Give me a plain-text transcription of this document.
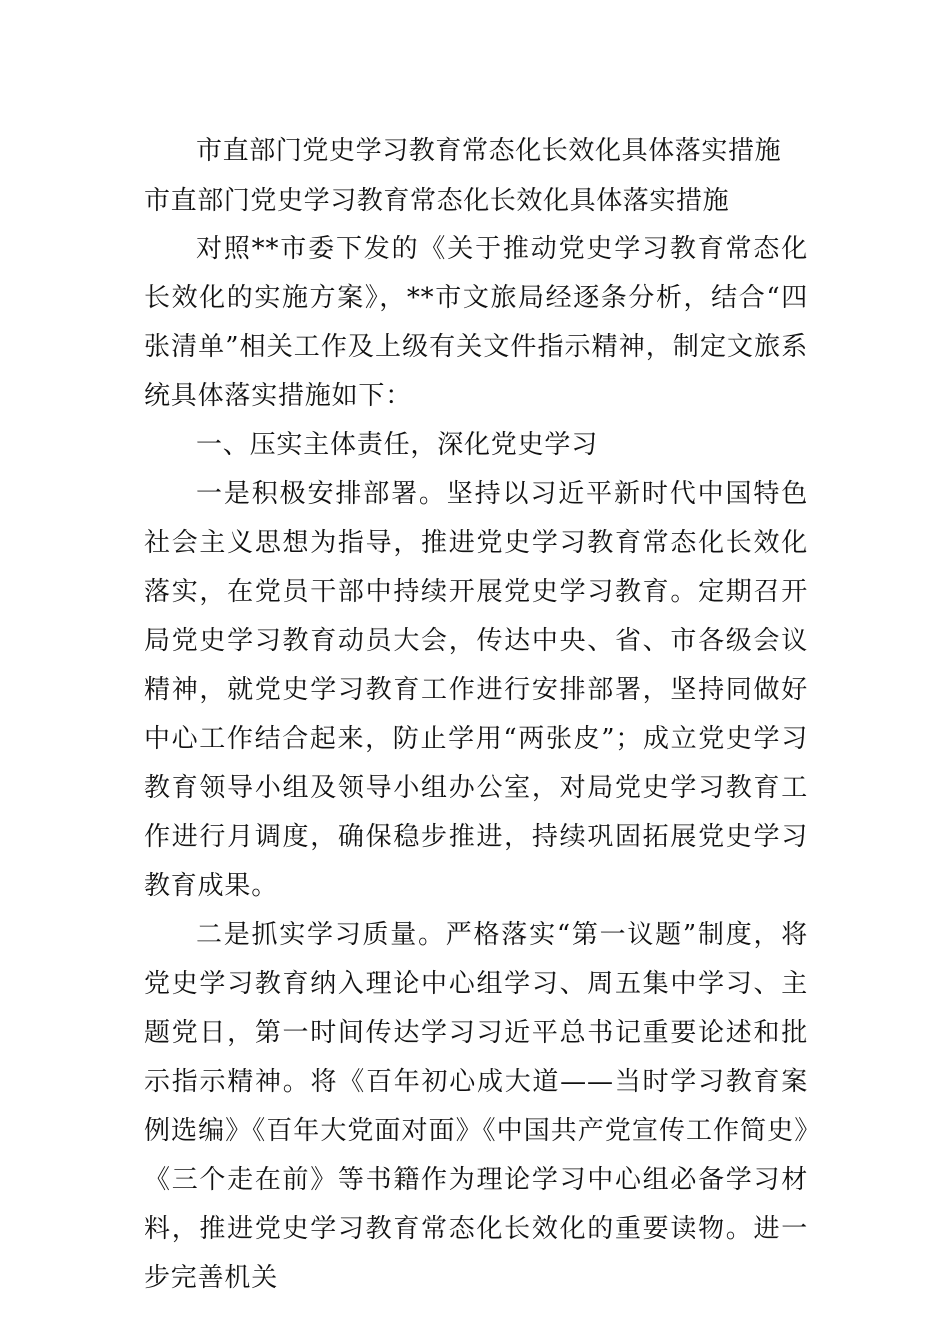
市直部门党史学习教育常态化长效化具体落实措施
市直部门党史学习教育常态化长效化具体落实措施

对照**市委下发的《关于推动党史学习教育常态化长效化的实施方案》，**市文旅局经逐条分析，结合“四张清单”相关工作及上级有关文件指示精神，制定文旅系统具体落实措施如下：

一、压实主体责任，深化党史学习

一是积极安排部署。坚持以习近平新时代中国特色社会主义思想为指导，推进党史学习教育常态化长效化落实，在党员干部中持续开展党史学习教育。定期召开局党史学习教育动员大会，传达中央、省、市各级会议精神，就党史学习教育工作进行安排部署，坚持同做好中心工作结合起来，防止学用“两张皮”；成立党史学习教育领导小组及领导小组办公室，对局党史学习教育工作进行月调度，确保稳步推进，持续巩固拓展党史学习教育成果。

二是抓实学习质量。严格落实“第一议题”制度，将党史学习教育纳入理论中心组学习、周五集中学习、主题党日，第一时间传达学习习近平总书记重要论述和批示指示精神。将《百年初心成大道——当时学习教育案例选编》《百年大党面对面》《中国共产党宣传工作简史》《三个走在前》等书籍作为理论学习中心组必备学习材料，推进党史学习教育常态化长效化的重要读物。进一步完善机关
